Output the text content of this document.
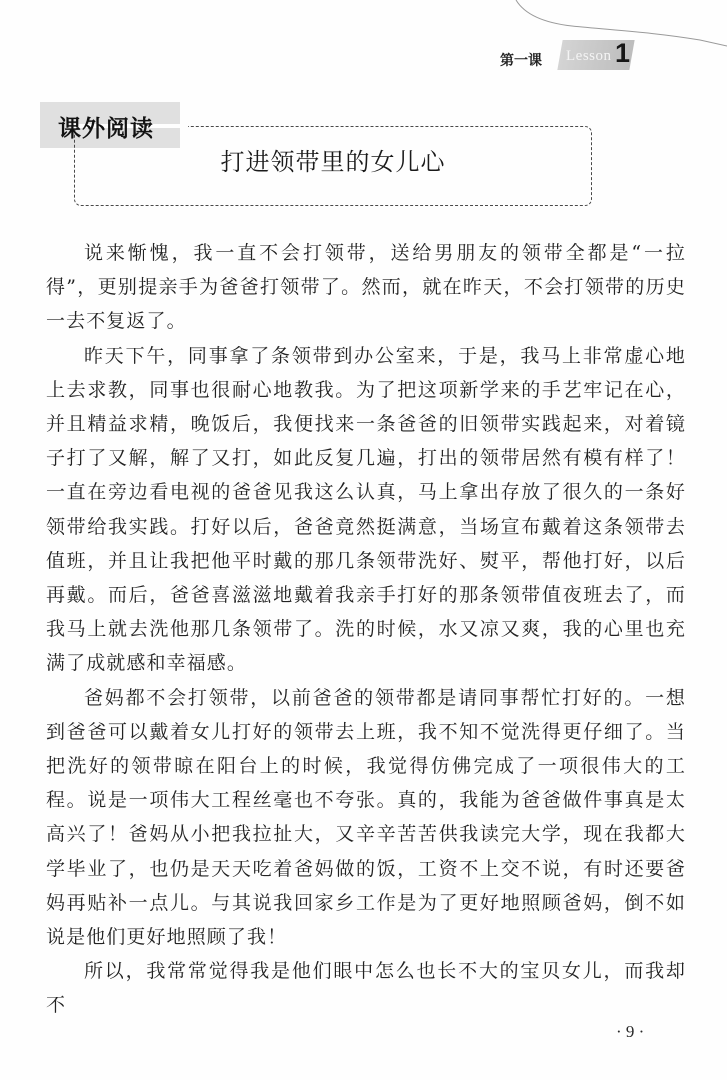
第一课 Lesson 1
课外阅读
打进领带里的女儿心

说来惭愧，我一直不会打领带，送给男朋友的领带全都是“一拉得”，更别提亲手为爸爸打领带了。然而，就在昨天，不会打领带的历史一去不复返了。

昨天下午，同事拿了条领带到办公室来，于是，我马上非常虚心地上去求教，同事也很耐心地教我。为了把这项新学来的手艺牢记在心，并且精益求精，晚饭后，我便找来一条爸爸的旧领带实践起来，对着镜子打了又解，解了又打，如此反复几遍，打出的领带居然有模有样了！一直在旁边看电视的爸爸见我这么认真，马上拿出存放了很久的一条好领带给我实践。打好以后，爸爸竟然挺满意，当场宣布戴着这条领带去值班，并且让我把他平时戴的那几条领带洗好、熨平，帮他打好，以后再戴。而后，爸爸喜滋滋地戴着我亲手打好的那条领带值夜班去了，而我马上就去洗他那几条领带了。洗的时候，水又凉又爽，我的心里也充满了成就感和幸福感。

爸妈都不会打领带，以前爸爸的领带都是请同事帮忙打好的。一想到爸爸可以戴着女儿打好的领带去上班，我不知不觉洗得更仔细了。当把洗好的领带晾在阳台上的时候，我觉得仿佛完成了一项很伟大的工程。说是一项伟大工程丝毫也不夸张。真的，我能为爸爸做件事真是太高兴了！爸妈从小把我拉扯大，又辛辛苦苦供我读完大学，现在我都大学毕业了，也仍是天天吃着爸妈做的饭，工资不上交不说，有时还要爸妈再贴补一点儿。与其说我回家乡工作是为了更好地照顾爸妈，倒不如说是他们更好地照顾了我！

所以，我常常觉得我是他们眼中怎么也长不大的宝贝女儿，而我却不

· 9 ·
